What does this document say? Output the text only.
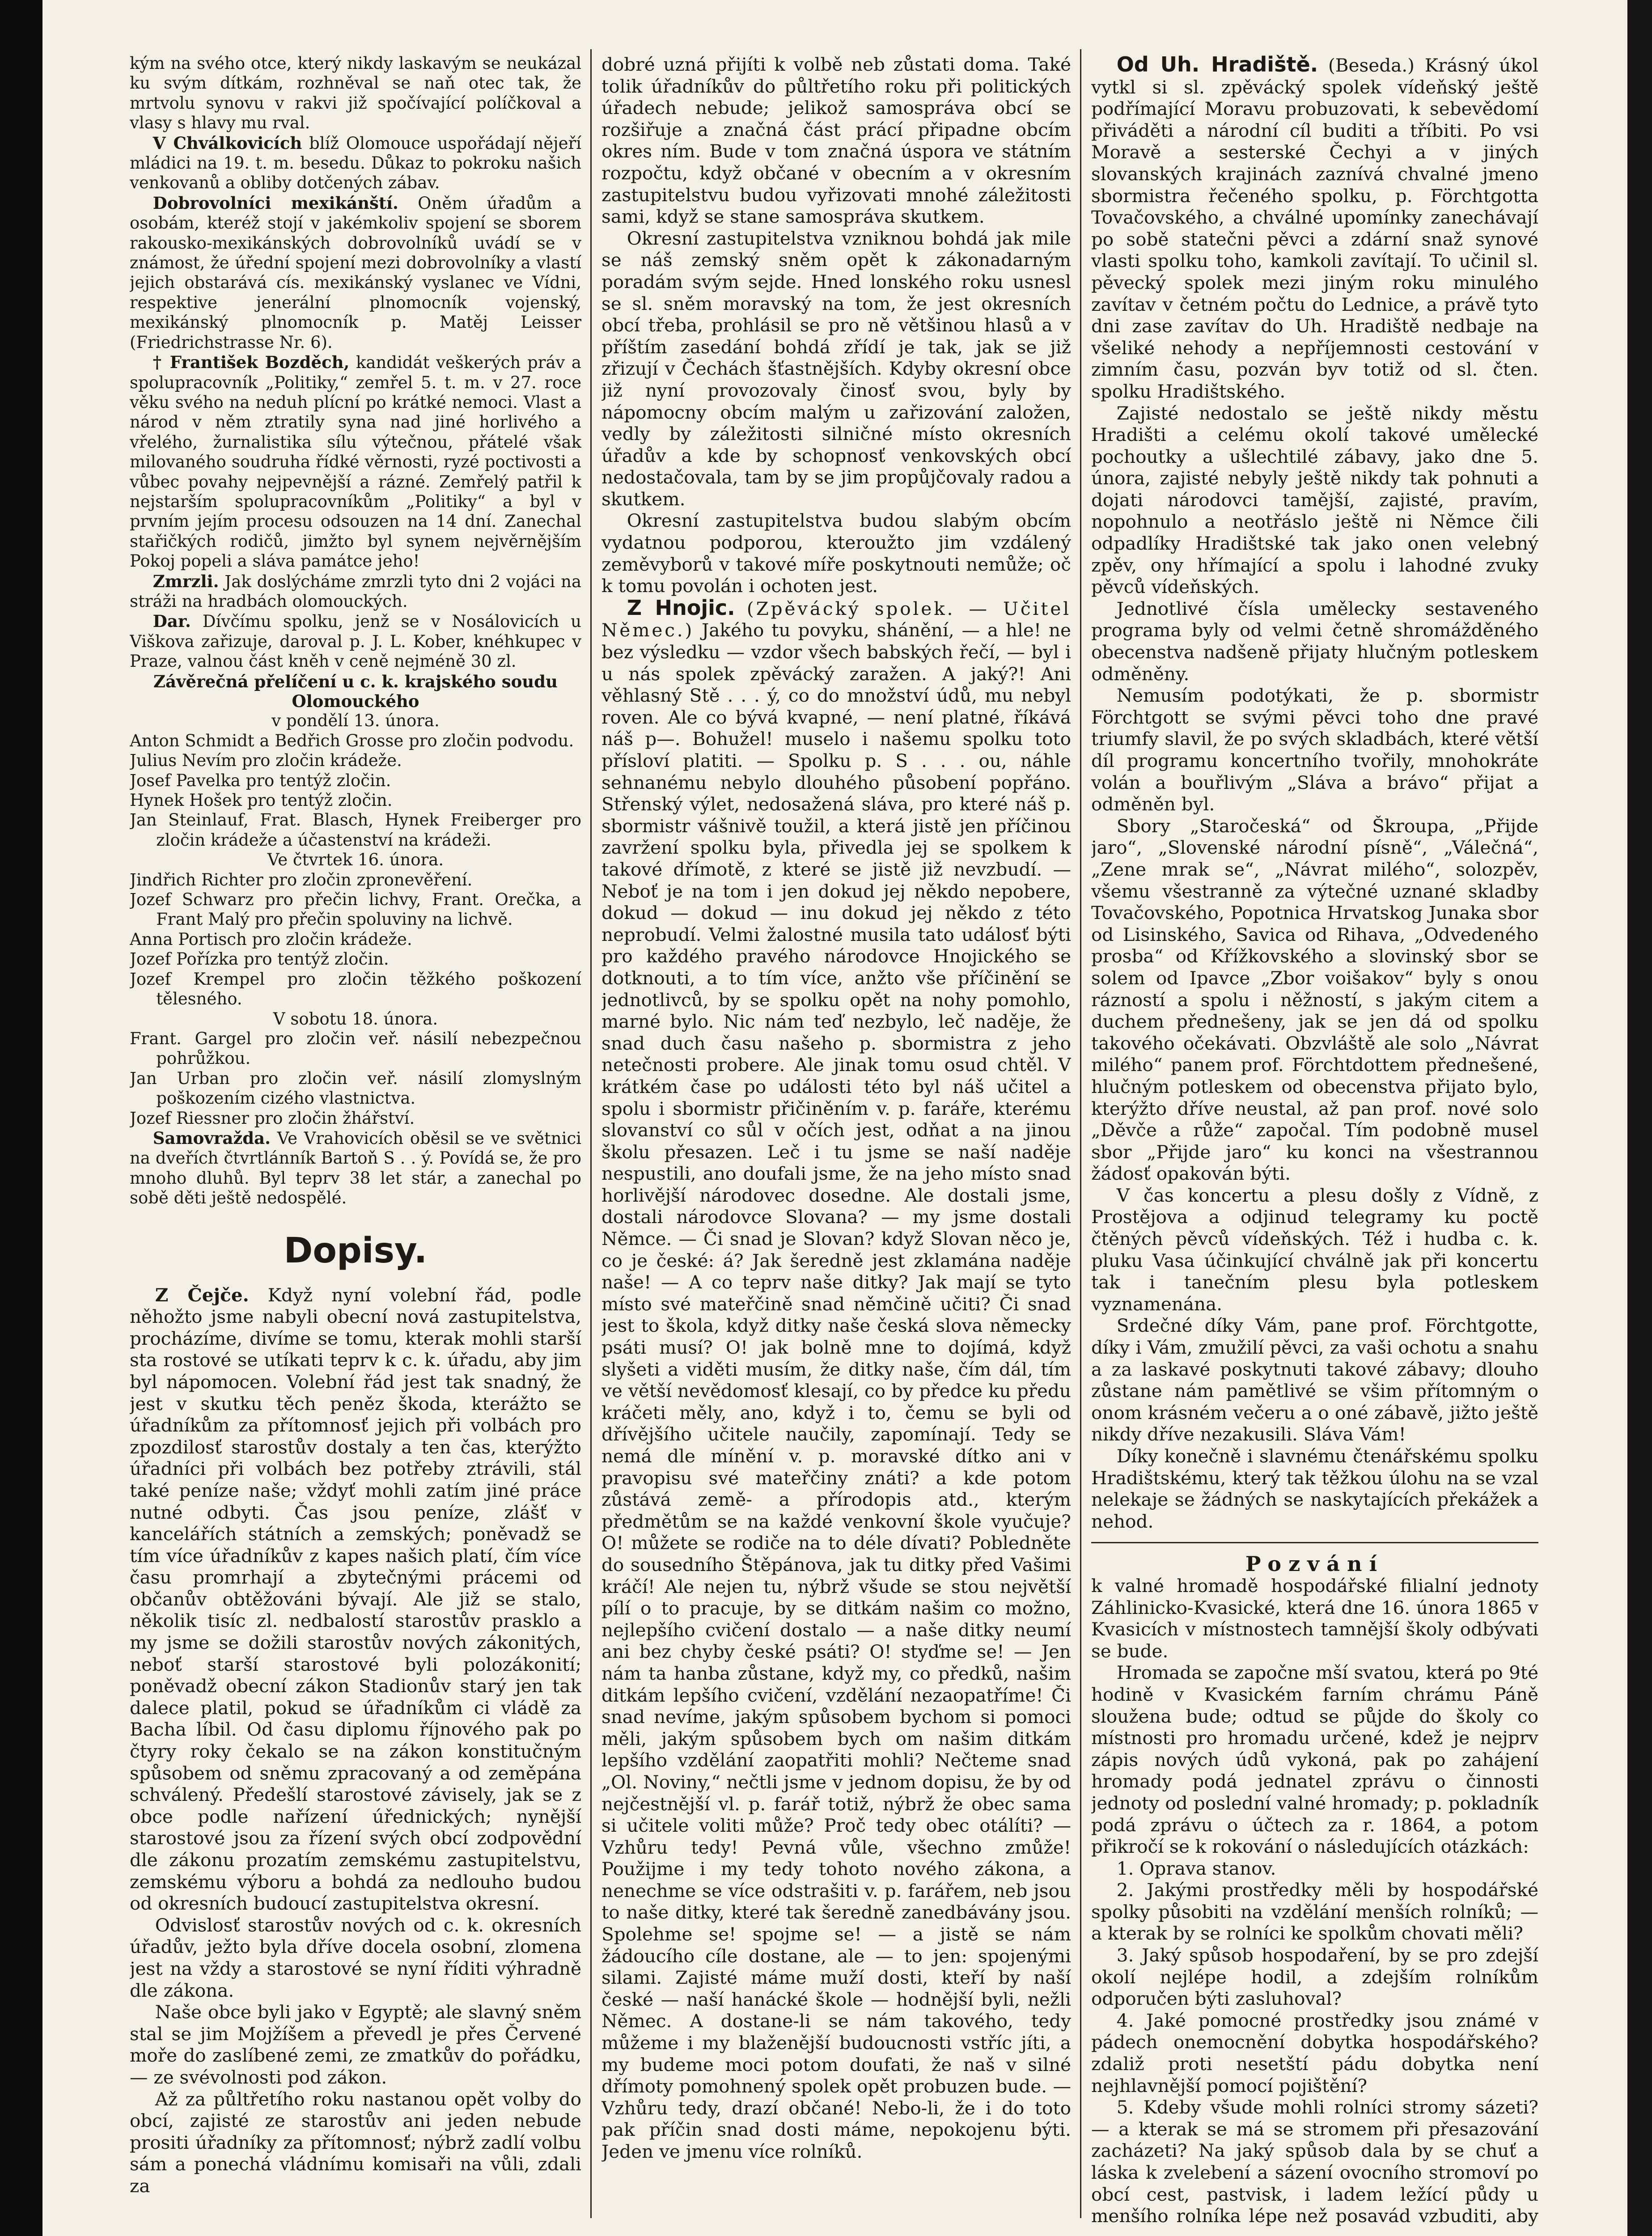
kým na svého otce, který nikdy laskavým se neukázal ku svým dítkám, rozhněval se naň otec tak, že mrtvolu synovu v rakvi již spočívající políčkoval a vlasy s hlavy mu rval.

V Chválkovicích blíž Olomouce uspořádají nějeří mládici na 19. t. m. besedu. Důkaz to pokroku našich venkovanů a obliby dotčených zábav.

Dobrovolníci mexikánští. Oněm úřadům a osobám, kteréž stojí v jakémkoliv spojení se sborem rakousko-mexikánských dobrovolníků uvádí se v známost, že úřední spojení mezi dobrovolníky a vlastí jejich obstarává cís. mexikánský vyslanec ve Vídni, respektive jenerální plnomocník vojenský, mexikánský plnomocník p. Matěj Leisser (Friedrichstrasse Nr. 6).

† František Bozděch, kandidát veškerých práv a spolupracovník „Politiky,“ zemřel 5. t. m. v 27. roce věku svého na neduh plícní po krátké nemoci. Vlast a národ v něm ztratily syna nad jiné horlivého a vřelého, žurnalistika sílu výtečnou, přátelé však milovaného soudruha řídké věrnosti, ryzé poctivosti a vůbec povahy nejpevnější a rázné. Zemřelý patřil k nejstarším spolupracovníkům „Politiky“ a byl v prvním jejím procesu odsouzen na 14 dní. Zanechal stařičkých rodičů, jimžto byl synem nejvěrnějším Pokoj popeli a sláva památce jeho!

Zmrzli. Jak doslýcháme zmrzli tyto dni 2 vojáci na stráži na hradbách olomouckých.

Dar. Dívčímu spolku, jenž se v Nosálovicích u Viškova zařizuje, daroval p. J. L. Kober, knéhkupec v Praze, valnou část kněh v ceně nejméně 30 zl.

Závěrečná přelíčení u c. k. krajského soudu Olomouckého

v pondělí 13. února.

Anton Schmidt a Bedřich Grosse pro zločin podvodu.

Julius Nevím pro zločin krádeže.

Josef Pavelka pro tentýž zločin.

Hynek Hošek pro tentýž zločin.

Jan Steinlauf, Frat. Blasch, Hynek Freiberger pro zločin krádeže a účastenství na krádeži.

Ve čtvrtek 16. února.

Jindřich Richter pro zločin zpronevěření.

Jozef Schwarz pro přečin lichvy, Frant. Orečka, a Frant Malý pro přečin spoluviny na lichvě.

Anna Portisch pro zločin krádeže.

Jozef Pořízka pro tentýž zločin.

Jozef Krempel pro zločin těžkého poškození tělesného.

V sobotu 18. února.

Frant. Gargel pro zločin veř. násilí nebezpečnou pohrůžkou.

Jan Urban pro zločin veř. násilí zlomyslným poškozením cizého vlastnictva.

Jozef Riessner pro zločin žhářství.

Samovražda. Ve Vrahovicích oběsil se ve světnici na dveřích čtvrtlánník Bartoň S . . ý. Povídá se, že pro mnoho dluhů. Byl teprv 38 let stár, a zanechal po sobě děti ještě nedospělé.

Dopisy.

Z Čejče. Když nyní volební řád, podle něhožto jsme nabyli obecní nová zastupitelstva, procházíme, divíme se tomu, kterak mohli starší sta rostové se utíkati teprv k c. k. úřadu, aby jim byl nápomocen. Volební řád jest tak snadný, že jest v skutku těch peněz škoda, kterážto se úřadníkům za přítomnosť jejich při volbách pro zpozdilosť starostův dostaly a ten čas, kterýžto úřadníci při volbách bez potřeby ztrávili, stál také peníze naše; vždyť mohli zatím jiné práce nutné odbyti. Čas jsou peníze, zlášť v kancelářích státních a zemských; poněvadž se tím více úřadníkův z kapes našich platí, čím více času promrhají a zbytečnými prácemi od občanův obtěžováni bývají. Ale již se stalo, několik tisíc zl. nedbalostí starostův prasklo a my jsme se dožili starostův nových zákonitých, neboť starší starostové byli polozákonití; poněvadž obecní zákon Stadionův starý jen tak dalece platil, pokud se úřadníkům ci vládě za Bacha líbil. Od času diplomu říjnového pak po čtyry roky čekalo se na zákon konstitučným spůsobem od sněmu zpracovaný a od zeměpána schválený. Předešlí starostové závisely, jak se z obce podle nařízení úřednických; nynější starostové jsou za řízení svých obcí zodpovědní dle zákonu prozatím zemskému zastupitelstvu, zemskému výboru a bohdá za nedlouho budou od okresních budoucí zastupitelstva okresní.

Odvislosť starostův nových od c. k. okresních úřadův, ježto byla dříve docela osobní, zlomena jest na vždy a starostové se nyní říditi výhradně dle zákona.

Naše obce byli jako v Egyptě; ale slavný sněm stal se jim Mojžíšem a převedl je přes Červené moře do zaslíbené zemi, ze zmatkův do pořádku, — ze svévolnosti pod zákon.

Až za půltřetího roku nastanou opět volby do obcí, zajisté ze starostův ani jeden nebude prositi úřadníky za přítomnosť; nýbrž zadlí volbu sám a ponechá vládnímu komisaři na vůli, zdali za

dobré uzná přijíti k volbě neb zůstati doma. Také tolik úřadníkův do půltřetího roku při politických úřadech nebude; jelikož samospráva obcí se rozšiřuje a značná část prácí připadne obcím okres ním. Bude v tom značná úspora ve státním rozpočtu, když občané v obecním a v okresním zastupitelstvu budou vyřizovati mnohé záležitosti sami, když se stane samospráva skutkem.

Okresní zastupitelstva vzniknou bohdá jak mile se náš zemský sněm opět k zákonadarným poradám svým sejde. Hned lonského roku usnesl se sl. sněm moravský na tom, že jest okresních obcí třeba, prohlásil se pro ně většinou hlasů a v příštím zasedání bohdá zřídí je tak, jak se již zřizují v Čechách šťastnějších. Kdyby okresní obce již nyní provozovaly činosť svou, byly by nápomocny obcím malým u zařizování založen, vedly by záležitosti silničné místo okresních úřadův a kde by schopnosť venkovských obcí nedostačovala, tam by se jim propůjčovaly radou a skutkem.

Okresní zastupitelstva budou slabým obcím vydatnou podporou, kteroužto jim vzdálený zeměvyborů v takové míře poskytnouti nemůže; oč k tomu povolán i ochoten jest.

Z Hnojic. (Zpěvácký spolek. — Učitel Němec.) Jakého tu povyku, shánění, — a hle! ne bez výsledku — vzdor všech babských řečí, — byl i u nás spolek zpěvácký zaražen. A jaký?! Ani věhlasný Stě . . . ý, co do množství údů, mu nebyl roven. Ale co bývá kvapné, — není platné, říkává náš p—. Bohužel! muselo i našemu spolku toto přísloví platiti. — Spolku p. S . . . ou, náhle sehnanému nebylo dlouhého působení popřáno. Střenský výlet, nedosažená sláva, pro které náš p. sbormistr vášnivě toužil, a která jistě jen příčinou zavržení spolku byla, přivedla jej se spolkem k takové dřímotě, z které se jistě již nevzbudí. — Neboť je na tom i jen dokud jej někdo nepobere, dokud — dokud — inu dokud jej někdo z této neprobudí. Velmi žalostné musila tato událosť býti pro každého pravého národovce Hnojického se dotknouti, a to tím více, anžto vše příčinění se jednotlivců, by se spolku opět na nohy pomohlo, marné bylo. Nic nám teď nezbylo, leč naděje, že snad duch času našeho p. sbormistra z jeho netečnosti probere. Ale jinak tomu osud chtěl. V krátkém čase po události této byl náš učitel a spolu i sbormistr přičiněním v. p. faráře, kterému slovanství co sůl v očích jest, odňat a na jinou školu přesazen. Leč i tu jsme se naší naděje nespustili, ano doufali jsme, že na jeho místo snad horlivější národovec dosedne. Ale dostali jsme, dostali národovce Slovana? — my jsme dostali Němce. — Či snad je Slovan? když Slovan něco je, co je české: á? Jak šeredně jest zklamána naděje naše! — A co teprv naše ditky? Jak mají se tyto místo své mateřčině snad němčině učiti? Či snad jest to škola, když ditky naše česká slova německy psáti musí? O! jak bolně mne to dojímá, když slyšeti a viděti musím, že ditky naše, čím dál, tím ve větší nevědomosť klesají, co by předce ku předu kráčeti měly, ano, když i to, čemu se byli od dřívějšího učitele naučily, zapomínají. Tedy se nemá dle mínění v. p. moravské dítko ani v pravopisu své mateřčiny znáti? a kde potom zůstává země- a přírodopis atd., kterým předmětům se na každé venkovní škole vyučuje? O! můžete se rodiče na to déle dívati? Pobledněte do sousedního Štěpánova, jak tu ditky před Vašimi kráčí! Ale nejen tu, nýbrž všude se stou největší pílí o to pracuje, by se ditkám našim co možno, nejlepšího cvičení dostalo — a naše ditky neumí ani bez chyby české psáti? O! styďme se! — Jen nám ta hanba zůstane, když my, co předků, našim ditkám lepšího cvičení, vzdělání nezaopatříme! Či snad nevíme, jakým spůsobem bychom si pomoci měli, jakým spůsobem bych om našim ditkám lepšího vzdělání zaopatřiti mohli? Nečteme snad „Ol. Noviny,“ nečtli jsme v jednom dopisu, že by od nejčestnější vl. p. farář totiž, nýbrž že obec sama si učitele voliti může? Proč tedy obec otálíti? — Vzhůru tedy! Pevná vůle, všechno zmůže! Použijme i my tedy tohoto nového zákona, a nenechme se více odstrašiti v. p. farářem, neb jsou to naše ditky, které tak šeredně zanedbávány jsou. Spolehme se! spojme se! — a jistě se nám žádoucího cíle dostane, ale — to jen: spojenými silami. Zajisté máme muží dosti, kteří by naší české — naší hanácké škole — hodnější byli, nežli Němec. A dostane-li se nám takového, tedy můžeme i my blaženější budoucnosti vstříc jíti, a my budeme moci potom doufati, že naš v silné dřímoty pomohnený spolek opět probuzen bude. — Vzhůru tedy, drazí občané! Nebo-li, že i do toto pak příčin snad dosti máme, nepokojenu býti. Jeden ve jmenu více rolníků.

Od Uh. Hradiště. (Beseda.) Krásný úkol vytkl si sl. zpěvácký spolek vídeňský ještě podřímající Moravu probuzovati, k sebevědomí přiváděti a národní cíl buditi a tříbiti. Po vsi Moravě a sesterské Čechyi a v jiných slovanských krajinách zaznívá chvalné jmeno sbormistra řečeného spolku, p. Förchtgotta Tovačovského, a chválné upomínky zanechávají po sobě statečni pěvci a zdární snaž synové vlasti spolku toho, kamkoli zavítají. To učinil sl. pěvecký spolek mezi jiným roku minulého zavítav v četném počtu do Lednice, a právě tyto dni zase zavítav do Uh. Hradiště nedbaje na všeliké nehody a nepříjemnosti cestování v zimním času, pozván byv totiž od sl. čten. spolku Hradištského.

Zajisté nedostalo se ještě nikdy městu Hradišti a celému okolí takové umělecké pochoutky a ušlechtilé zábavy, jako dne 5. února, zajisté nebyly ještě nikdy tak pohnuti a dojati národovci tamější, zajisté, pravím, nopohnulo a neotřáslo ještě ni Němce čili odpadlíky Hradištské tak jako onen velebný zpěv, ony hřímající a spolu i lahodné zvuky pěvců vídeňských.

Jednotlivé čísla umělecky sestaveného programa byly od velmi četně shromážděného obecenstva nadšeně přijaty hlučným potleskem odměněny.

Nemusím podotýkati, že p. sbormistr Förchtgott se svými pěvci toho dne pravé triumfy slavil, že po svých skladbách, které větší díl programu koncertního tvořily, mnohokráte volán a bouřlivým „Sláva a brávo“ přijat a odměněn byl.

Sbory „Staročeská“ od Škroupa, „Přijde jaro“, „Slovenské národní písně“, „Válečná“, „Zene mrak se“, „Návrat milého“, solozpěv, všemu všestranně za výtečné uznané skladby Tovačovského, Popotnica Hrvatskog Junaka sbor od Lisinského, Savica od Rihava, „Odvedeného prosba“ od Křížkovského a slovinský sbor se solem od Ipavce „Zbor voišakov“ byly s onou rázností a spolu i něžností, s jakým citem a duchem přednešeny, jak se jen dá od spolku takového očekávati. Obzvláště ale solo „Návrat milého“ panem prof. Förchtdottem přednešené, hlučným potleskem od obecenstva přijato bylo, kterýžto dříve neustal, až pan prof. nové solo „Děvče a růže“ započal. Tím podobně musel sbor „Přijde jaro“ ku konci na všestrannou žádosť opakován býti.

V čas koncertu a plesu došly z Vídně, z Prostějova a odjinud telegramy ku poctě čtěných pěvců vídeňských. Též i hudba c. k. pluku Vasa účinkující chválně jak při koncertu tak i tanečním plesu byla potleskem vyznamenána.

Srdečné díky Vám, pane prof. Förchtgotte, díky i Vám, zmužilí pěvci, za vaši ochotu a snahu a za laskavé poskytnuti takové zábavy; dlouho zůstane nám pamětlivé se všim přítomným o onom krásném večeru a o oné zábavě, jižto ještě nikdy dříve nezakusili. Sláva Vám!

Díky konečně i slavnému čtenářskému spolku Hradištskému, který tak těžkou úlohu na se vzal nelekaje se žádných se naskytajících překážek a nehod.

Pozvání

k valné hromadě hospodářské filialní jednoty Záhlinicko-Kvasické, která dne 16. února 1865 v Kvasicích v místnostech tamnější školy odbývati se bude.

Hromada se započne mší svatou, která po 9té hodině v Kvasickém farním chrámu Páně sloužena bude; odtud se půjde do školy co místnosti pro hromadu určené, kdež je nejprv zápis nových údů vykoná, pak po zahájení hromady podá jednatel zprávu o činnosti jednoty od poslední valné hromady; p. pokladník podá zprávu o účtech za r. 1864, a potom přikročí se k rokování o následujících otázkách:

1. Oprava stanov.

2. Jakými prostředky měli by hospodářské spolky působiti na vzdělání menších rolníků; — a kterak by se rolníci ke spolkům chovati měli?

3. Jaký spůsob hospodaření, by se pro zdejší okolí nejlépe hodil, a zdejším rolníkům odporučen býti zasluhoval?

4. Jaké pomocné prostředky jsou známé v pádech onemocnění dobytka hospodářského? zdaliž proti nesetští pádu dobytka není nejhlavnější pomocí pojištění?

5. Kdeby všude mohli rolníci stromy sázeti? — a kterak se má se stromem při přesazování zacházeti? Na jaký spůsob dala by se chuť a láska k zvelebení a sázení ovocního stromoví po obcí cest, pastvisk, i ladem ležící půdy u menšího rolníka lépe než posavád vzbuditi, aby
